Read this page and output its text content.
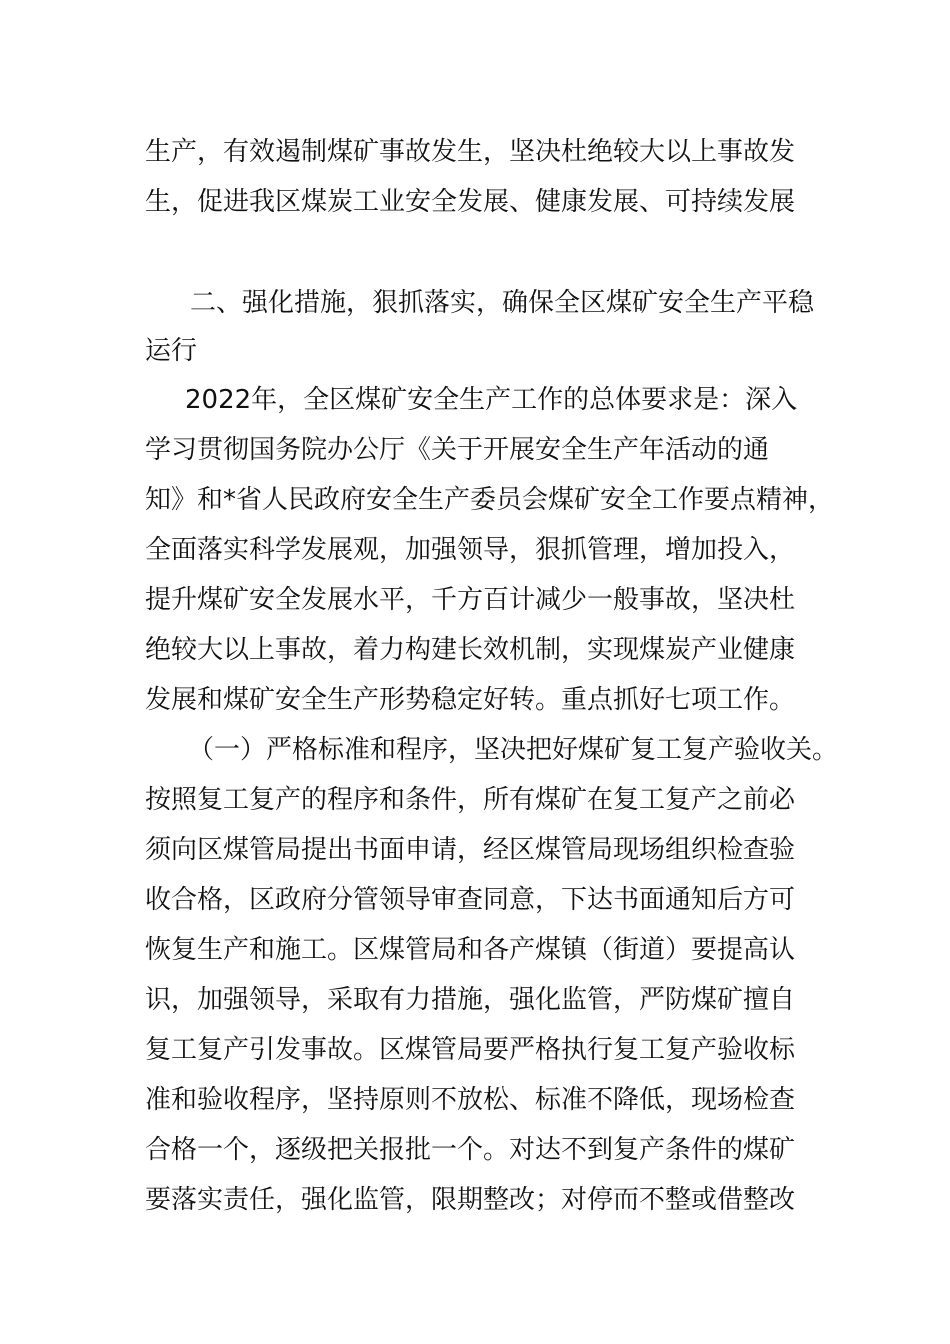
生产，有效遏制煤矿事故发生，坚决杜绝较大以上事故发
生，促进我区煤炭工业安全发展、健康发展、可持续发展
二、强化措施，狠抓落实，确保全区煤矿安全生产平稳
运行
2022年，全区煤矿安全生产工作的总体要求是：深入
学习贯彻国务院办公厅《关于开展安全生产年活动的通
知》和*省人民政府安全生产委员会煤矿安全工作要点精神，
全面落实科学发展观，加强领导，狠抓管理，增加投入，
提升煤矿安全发展水平，千方百计减少一般事故，坚决杜
绝较大以上事故，着力构建长效机制，实现煤炭产业健康
发展和煤矿安全生产形势稳定好转。重点抓好七项工作。
（一）严格标准和程序，坚决把好煤矿复工复产验收关。
按照复工复产的程序和条件，所有煤矿在复工复产之前必
须向区煤管局提出书面申请，经区煤管局现场组织检查验
收合格，区政府分管领导审查同意，下达书面通知后方可
恢复生产和施工。区煤管局和各产煤镇（街道）要提高认
识，加强领导，采取有力措施，强化监管，严防煤矿擅自
复工复产引发事故。区煤管局要严格执行复工复产验收标
准和验收程序，坚持原则不放松、标准不降低，现场检查
合格一个，逐级把关报批一个。对达不到复产条件的煤矿
要落实责任，强化监管，限期整改；对停而不整或借整改
